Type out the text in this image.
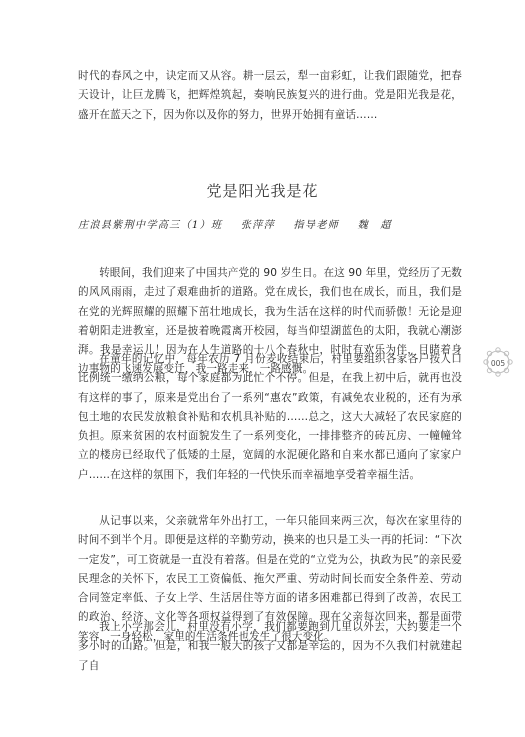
时代的春风之中，诀定而又从容。耕一层云，犁一亩彩虹，让我们跟随党，把春天设计，让巨龙腾飞，把辉煌筑起，奏响民族复兴的进行曲。党是阳光我是花，盛开在蓝天之下，因为你以及你的努力，世界开始拥有童话……

党是阳光我是花
庄浪县紫荆中学高三（1）班 张萍萍 指导老师 魏　超

转眼间，我们迎来了中国共产党的 90 岁生日。在这 90 年里，党经历了无数的风风雨雨，走过了艰难曲折的道路。党在成长，我们也在成长，而且，我们是在党的光辉照耀的照耀下茁壮地成长，我为生活在这样的时代而骄傲！无论是迎着朝阳走进教室，还是披着晚霞离开校园，每当仰望湖蓝色的太阳，我就心潮澎湃。我是幸运儿！因为在人生道路的十八个春秋中，时时有欢乐为伴，目睹着身边事物的飞速发展变迁，我一路走来，一路感慨。

在童年的记忆中，每年农历 7 月份麦收结束后，村里要组织各家各户按人口比例统一缴纳公粮，每个家庭都为此忙个不停。但是，在我上初中后，就再也没有这样的事了，原来是党出台了一系列“惠农”政策，有减免农业税的，还有为承包土地的农民发放粮食补贴和农机具补贴的……总之，这大大减轻了农民家庭的负担。原来贫困的农村面貌发生了一系列变化，一排排整齐的砖瓦房、一幢幢耸立的楼房已经取代了低矮的土屋，宽阔的水泥硬化路和自来水都已通向了家家户户……在这样的氛围下，我们年轻的一代快乐而幸福地享受着幸福生活。

从记事以来，父亲就常年外出打工，一年只能回来两三次，每次在家里待的时间不到半个月。即便是这样的辛勤劳动，换来的也只是工头一再的托词：“下次一定发”，可工资就是一直没有着落。但是在党的“立党为公，执政为民”的亲民爱民理念的关怀下，农民工工资偏低、拖欠严重、劳动时间长而安全条件差、劳动合同签定率低、子女上学、生活居住等方面的诸多困难都已得到了改善，农民工的政治、经济、文化等各项权益得到了有效保障。现在父亲每次回来，都是面带笑容，一身轻松，家里的生活条件也发生了很大变化。

我上小学那会儿，村里没有小学，我们都要跑到几里以外去，大约要走一个多小时的山路。但是，和我一般大的孩子又都是幸运的，因为不久我们村就建起了自

005
